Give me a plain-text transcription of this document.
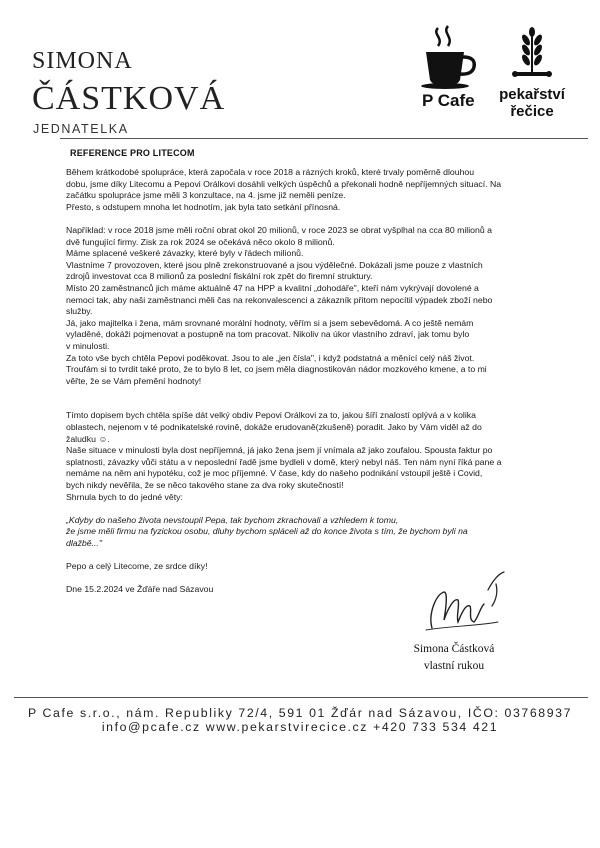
SIMONA
ČÁSTKOVÁ
JEDNATELKA
P Cafe	pekařství
řečice
REFERENCE PRO LITECOM

Během krátkodobé spolupráce, která započala v roce 2018 a rázných kroků, které trvaly poměrně dlouhou
dobu, jsme díky Litecomu a Pepovi Orálkovi dosáhli velkých úspěchů a překonali hodně nepříjemných situací. Na
začátku spolupráce jsme měli 3 konzultace, na 4. jsme již neměli peníze.
Přesto, s odstupem mnoha let hodnotím, jak byla tato setkání přínosná.

Například: v roce 2018 jsme měli roční obrat okol 20 milionů, v roce 2023 se obrat vyšplhal na cca 80 milionů a
dvě fungující firmy. Zisk za rok 2024 se očekává něco okolo 8 milionů.
Máme splacené veškeré závazky, které byly v řádech milionů.
Vlastníme 7 provozoven, které jsou plně zrekonstruované a jsou výdělečné. Dokázali jsme pouze z vlastních
zdrojů investovat cca 8 milionů za poslední fiskální rok zpět do firemní struktury.
Místo 20 zaměstnanců jich máme aktuálně 47 na HPP a kvalitní „dohodáře", kteří nám vykrývají dovolené a
nemoci tak, aby naši zaměstnanci měli čas na rekonvalescenci a zákazník přitom nepocítil výpadek zboží nebo
služby.
Já, jako majitelka i žena, mám srovnané morální hodnoty, věřím si a jsem sebevědomá. A co ještě nemám
vyladěné, dokáži pojmenovat a postupně na tom pracovat. Nikoliv na úkor vlastního zdraví, jak tomu bylo
v minulosti.
Za toto vše bych chtěla Pepovi poděkovat. Jsou to ale „jen čísla", i když podstatná a měnící celý náš život.
Troufám si to tvrdit také proto, že to bylo 8 let, co jsem měla diagnostikován nádor mozkového kmene, a to mi
věřte, že se Vám přemění hodnoty!

Tímto dopisem bych chtěla spíše dát velký obdiv Pepovi Orálkovi za to, jakou šíří znalostí oplývá a v kolika
oblastech, nejenom v té podnikatelské rovině, dokáže erudovaně(zkušeně) poradit. Jako by Vám viděl až do
žaludku ☺.
Naše situace v minulosti byla dost nepříjemná, já jako žena jsem jí vnímala až jako zoufalou. Spousta faktur po
splatnosti, závazky vůči státu a v neposlední řadě jsme bydleli v domě, který nebyl náš. Ten nám nyní říká pane a
nemáme na něm ani hypotéku, což je moc příjemné. V čase, kdy do našeho podnikání vstoupil ještě i Covid,
bych nikdy nevěřila, že se něco takového stane za dva roky skutečností!
Shrnula bych to do jedné věty:

„Kdyby do našeho života nevstoupil Pepa, tak bychom zkrachovali a vzhledem k tomu,
že jsme měli firmu na fyzickou osobu, dluhy bychom spláceli až do konce života s tím, že bychom byli na
dlažbě..."

Pepo a celý Litecome, ze srdce díky!

Dne 15.2.2024 ve Žďáře nad Sázavou

Simona Částková
vlastní rukou
P Cafe s.r.o., nám. Republiky 72/4, 591 01 Žďár nad Sázavou, IČO: 03768937
info@pcafe.cz www.pekarstvirecice.cz +420 733 534 421
